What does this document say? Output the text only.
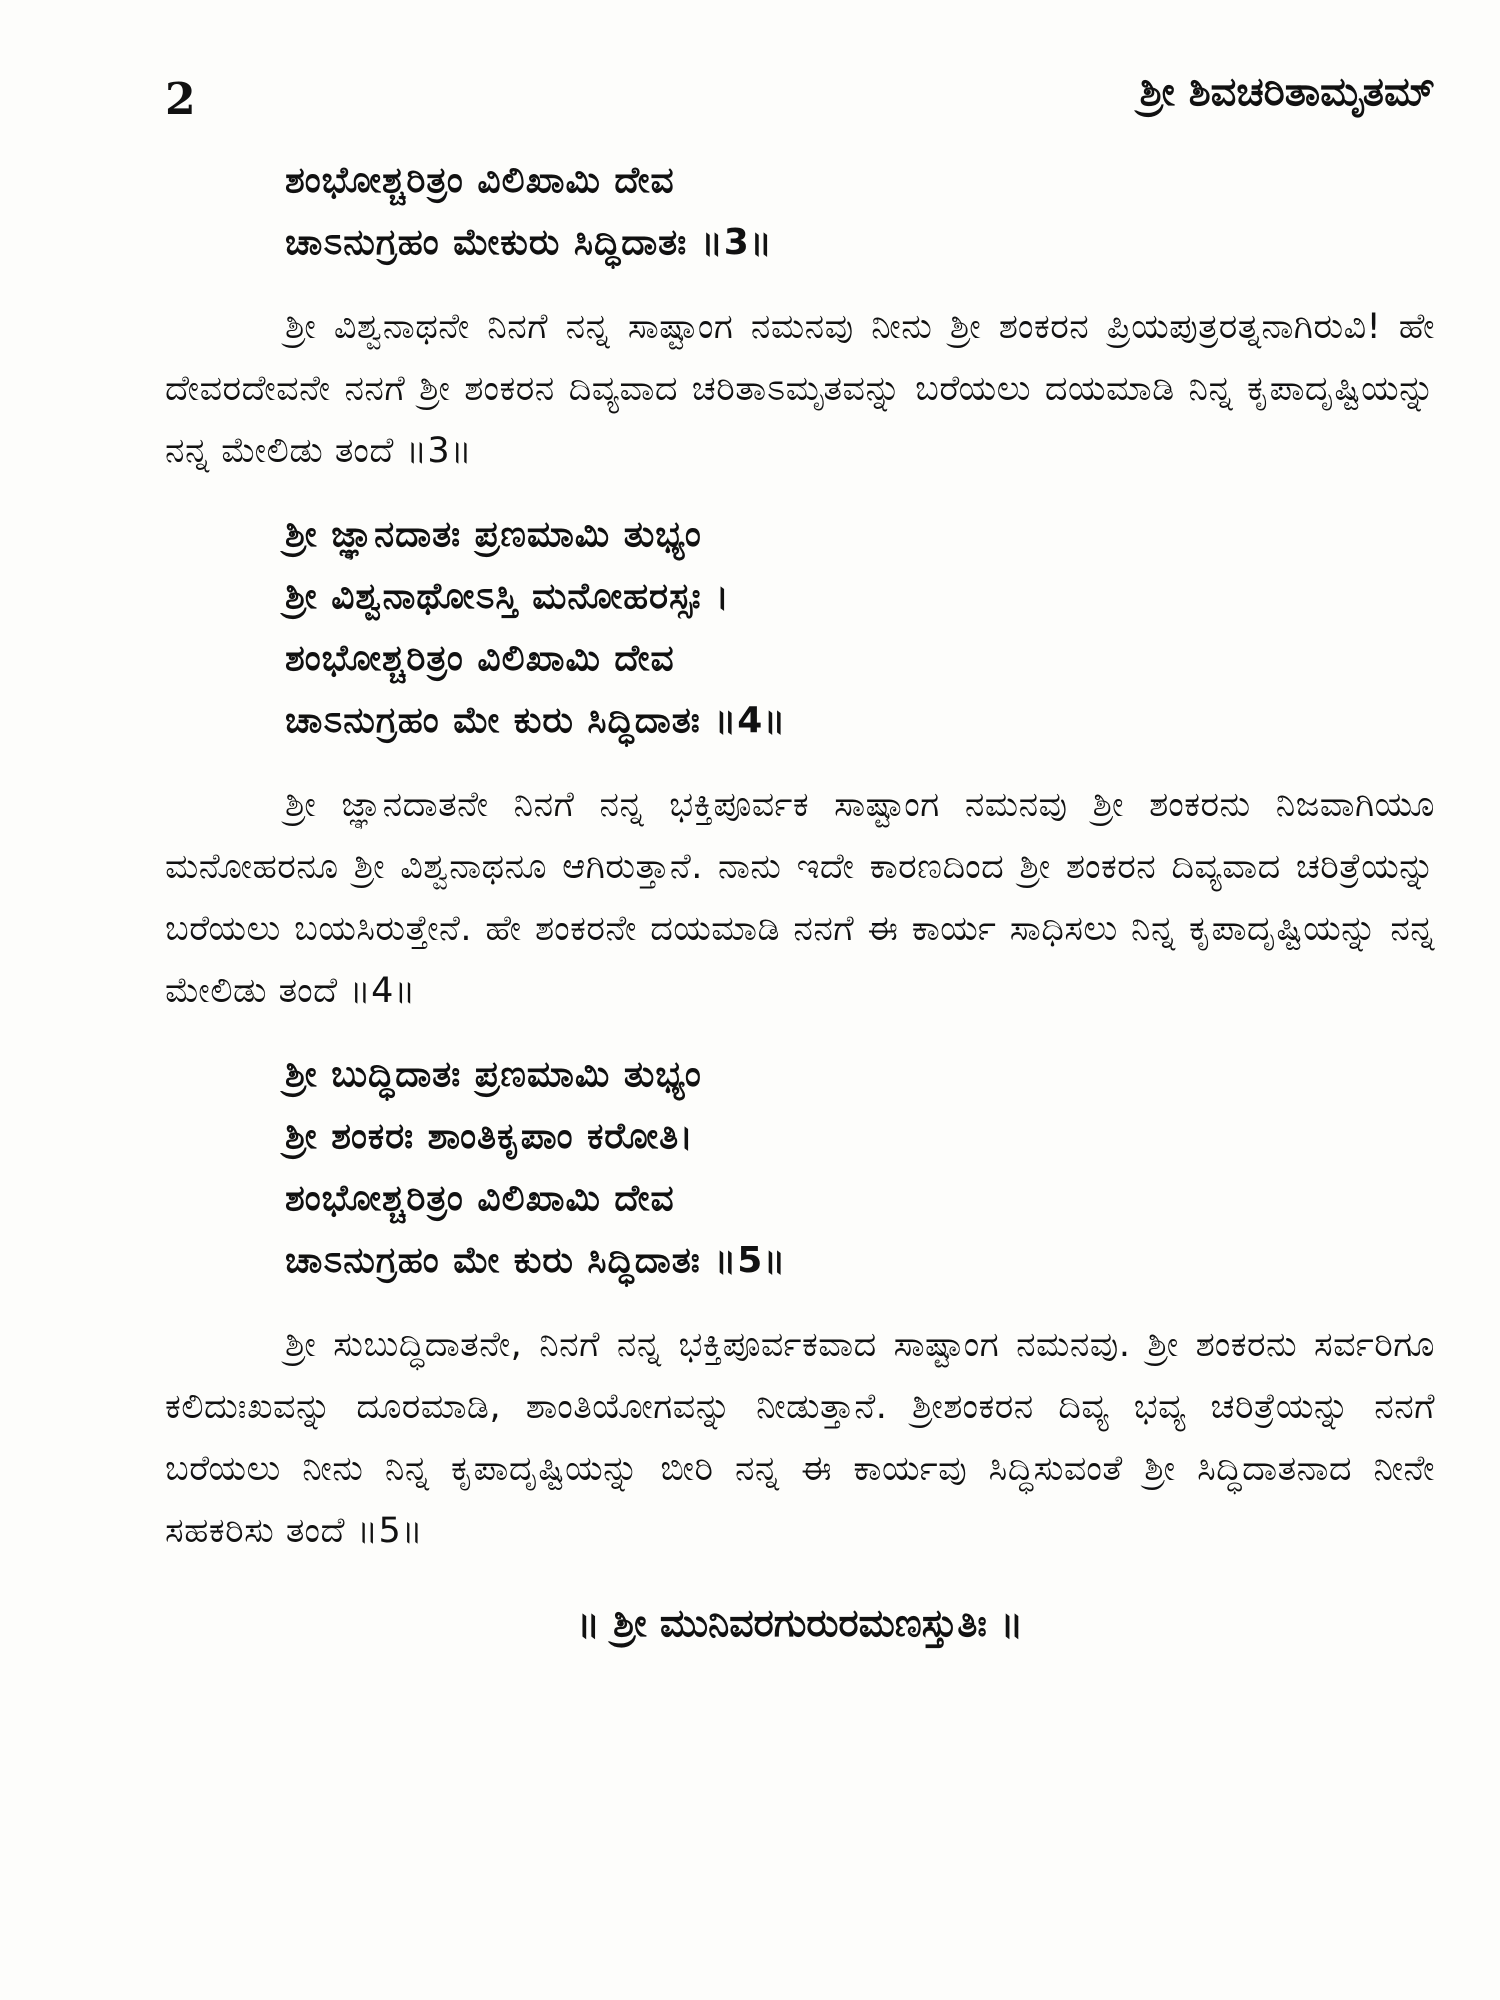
2	ಶ್ರೀ ಶಿವಚರಿತಾಮೃತಮ್
ಶಂಭೋಶ್ಚರಿತ್ರಂ ವಿಲಿಖಾಮಿ ದೇವ
ಚಾಽನುಗ್ರಹಂ ಮೇಕುರು ಸಿದ್ಧಿದಾತಃ ॥3॥

ಶ್ರೀ ವಿಶ್ವನಾಥನೇ ನಿನಗೆ ನನ್ನ ಸಾಷ್ಟಾಂಗ ನಮನವು ನೀನು ಶ್ರೀ ಶಂಕರನ ಪ್ರಿಯಪುತ್ರರತ್ನನಾಗಿರುವಿ! ಹೇ ದೇವರದೇವನೇ ನನಗೆ ಶ್ರೀ ಶಂಕರನ ದಿವ್ಯವಾದ ಚರಿತಾಽಮೃತವನ್ನು ಬರೆಯಲು ದಯಮಾಡಿ ನಿನ್ನ ಕೃಪಾದೃಷ್ಟಿಯನ್ನು ನನ್ನ ಮೇಲಿಡು ತಂದೆ ॥3॥

ಶ್ರೀ ಜ್ಞಾನದಾತಃ ಪ್ರಣಮಾಮಿ ತುಭ್ಯಂ
ಶ್ರೀ ವಿಶ್ವನಾಥೋಽಸ್ತಿ ಮನೋಹರಸ್ಸಃ ।
ಶಂಭೋಶ್ಚರಿತ್ರಂ ವಿಲಿಖಾಮಿ ದೇವ
ಚಾಽನುಗ್ರಹಂ ಮೇ ಕುರು ಸಿದ್ಧಿದಾತಃ ॥4॥

ಶ್ರೀ ಜ್ಞಾನದಾತನೇ ನಿನಗೆ ನನ್ನ ಭಕ್ತಿಪೂರ್ವಕ ಸಾಷ್ಟಾಂಗ ನಮನವು ಶ್ರೀ ಶಂಕರನು ನಿಜವಾಗಿಯೂ ಮನೋಹರನೂ ಶ್ರೀ ವಿಶ್ವನಾಥನೂ ಆಗಿರುತ್ತಾನೆ. ನಾನು ಇದೇ ಕಾರಣದಿಂದ ಶ್ರೀ ಶಂಕರನ ದಿವ್ಯವಾದ ಚರಿತ್ರೆಯನ್ನು ಬರೆಯಲು ಬಯಸಿರುತ್ತೇನೆ. ಹೇ ಶಂಕರನೇ ದಯಮಾಡಿ ನನಗೆ ಈ ಕಾರ್ಯ ಸಾಧಿಸಲು ನಿನ್ನ ಕೃಪಾದೃಷ್ಟಿಯನ್ನು ನನ್ನ ಮೇಲಿಡು ತಂದೆ ॥4॥

ಶ್ರೀ ಬುದ್ಧಿದಾತಃ ಪ್ರಣಮಾಮಿ ತುಭ್ಯಂ
ಶ್ರೀ ಶಂಕರಃ ಶಾಂತಿಕೃಪಾಂ ಕರೋತಿ।
ಶಂಭೋಶ್ಚರಿತ್ರಂ ವಿಲಿಖಾಮಿ ದೇವ
ಚಾಽನುಗ್ರಹಂ ಮೇ ಕುರು ಸಿದ್ಧಿದಾತಃ ॥5॥

ಶ್ರೀ ಸುಬುದ್ಧಿದಾತನೇ, ನಿನಗೆ ನನ್ನ ಭಕ್ತಿಪೂರ್ವಕವಾದ ಸಾಷ್ಟಾಂಗ ನಮನವು. ಶ್ರೀ ಶಂಕರನು ಸರ್ವರಿಗೂ ಕಲಿದುಃಖವನ್ನು ದೂರಮಾಡಿ, ಶಾಂತಿಯೋಗವನ್ನು ನೀಡುತ್ತಾನೆ. ಶ್ರೀಶಂಕರನ ದಿವ್ಯ ಭವ್ಯ ಚರಿತ್ರೆಯನ್ನು ನನಗೆ ಬರೆಯಲು ನೀನು ನಿನ್ನ ಕೃಪಾದೃಷ್ಟಿಯನ್ನು ಬೀರಿ ನನ್ನ ಈ ಕಾರ್ಯವು ಸಿದ್ಧಿಸುವಂತೆ ಶ್ರೀ ಸಿದ್ಧಿದಾತನಾದ ನೀನೇ ಸಹಕರಿಸು ತಂದೆ ॥5॥

॥ ಶ್ರೀ ಮುನಿವರಗುರುರಮಣಸ್ತುತಿಃ ॥
